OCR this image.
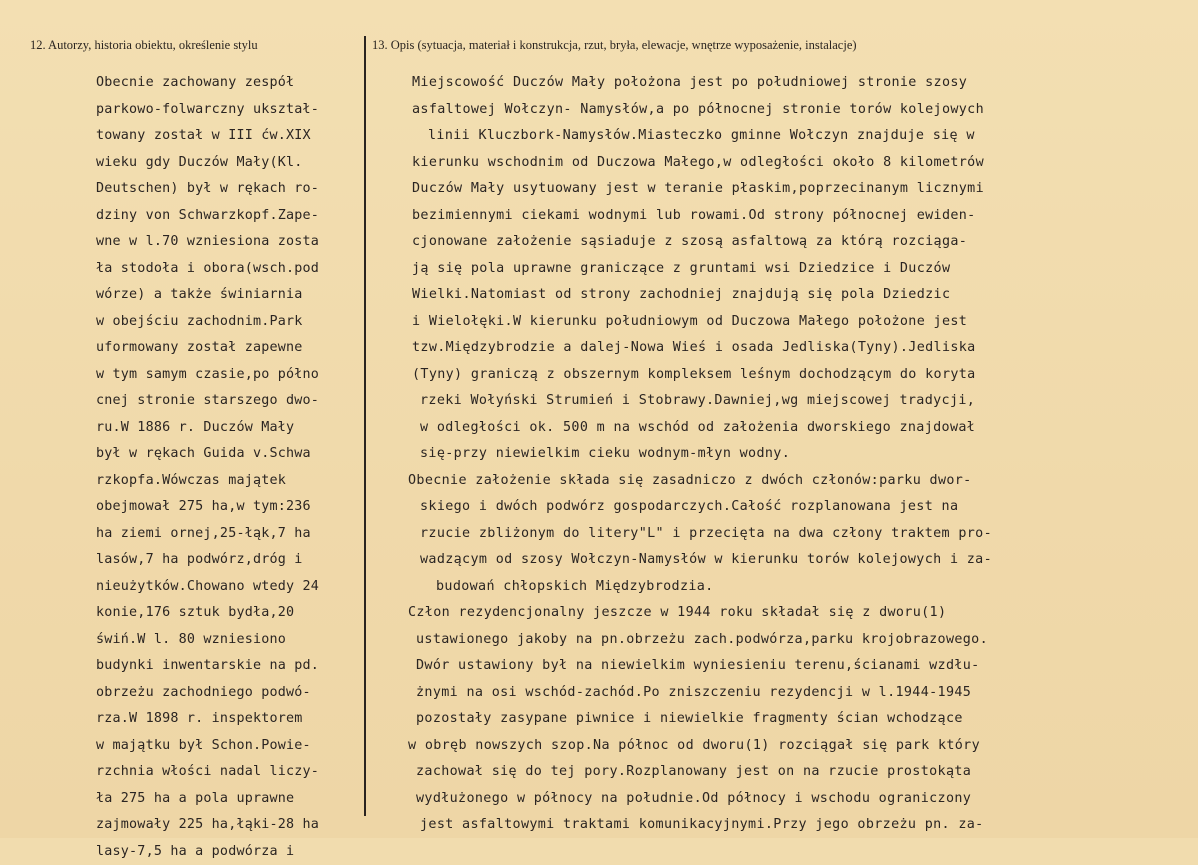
12. Autorzy, historia obiektu, określenie stylu	13. Opis (sytuacja, materiał i konstrukcja, rzut, bryła, elewacje, wnętrze wyposażenie, instalacje)
Obecnie zachowany zespół
parkowo-folwarczny ukształ-
towany został w III ćw.XIX
wieku gdy Duczów Mały(Kl.
Deutschen) był w rękach ro-
dziny von Schwarzkopf.Zape-
wne w l.70 wzniesiona zosta
ła stodoła i obora(wsch.pod
wórze) a także świniarnia
w obejściu zachodnim.Park
uformowany został zapewne
w tym samym czasie,po półno
cnej stronie starszego dwo-
ru.W 1886 r. Duczów Mały
był w rękach Guida v.Schwa
rzkopfa.Wówczas majątek
obejmował 275 ha,w tym:236
ha ziemi ornej,25-łąk,7 ha
lasów,7 ha podwórz,dróg i
nieużytków.Chowano wtedy 24
konie,176 sztuk bydła,20
świń.W l. 80 wzniesiono
budynki inwentarskie na pd.
obrzeżu zachodniego podwó-
rza.W 1898 r. inspektorem
w majątku był Schon.Powie-
rzchnia włości nadal liczy-
ła 275 ha a pola uprawne
zajmowały 225 ha,łąki-28 ha
lasy-7,5 ha a podwórza i
Miejscowość Duczów Mały położona jest po południowej stronie szosy
asfaltowej Wołczyn- Namysłów,a po północnej stronie torów kolejowych
linii Kluczbork-Namysłów.Miasteczko gminne Wołczyn znajduje się w
kierunku wschodnim od Duczowa Małego,w odległości około 8 kilometrów
Duczów Mały usytuowany jest w teranie płaskim,poprzecinanym licznymi
bezimiennymi ciekami wodnymi lub rowami.Od strony północnej ewiden-
cjonowane założenie sąsiaduje z szosą asfaltową za którą rozciąga-
ją się pola uprawne graniczące z gruntami wsi Dziedzice i Duczów
Wielki.Natomiast od strony zachodniej znajdują się pola Dziedzic
i Wielołęki.W kierunku południowym od Duczowa Małego położone jest
tzw.Międzybrodzie a dalej-Nowa Wieś i osada Jedliska(Tyny).Jedliska
(Tyny) graniczą z obszernym kompleksem leśnym dochodzącym do koryta
rzeki Wołyński Strumień i Stobrawy.Dawniej,wg miejscowej tradycji,
w odległości ok. 500 m na wschód od założenia dworskiego znajdował
się-przy niewielkim cieku wodnym-młyn wodny.
Obecnie założenie składa się zasadniczo z dwóch członów:parku dwor-
skiego i dwóch podwórz gospodarczych.Całość rozplanowana jest na
rzucie zbliżonym do litery"L" i przecięta na dwa człony traktem pro-
wadzącym od szosy Wołczyn-Namysłów w kierunku torów kolejowych i za-
budowań chłopskich Międzybrodzia.
Człon rezydencjonalny jeszcze w 1944 roku składał się z dworu(1)
ustawionego jakoby na pn.obrzeżu zach.podwórza,parku krojobrazowego.
Dwór ustawiony był na niewielkim wyniesieniu terenu,ścianami wzdłu-
żnymi na osi wschód-zachód.Po zniszczeniu rezydencji w l.1944-1945
pozostały zasypane piwnice i niewielkie fragmenty ścian wchodzące
w obręb nowszych szop.Na północ od dworu(1) rozciągał się park który
zachował się do tej pory.Rozplanowany jest on na rzucie prostokąta
wydłużonego w północy na południe.Od północy i wschodu ograniczony
jest asfaltowymi traktami komunikacyjnymi.Przy jego obrzeżu pn. za-
